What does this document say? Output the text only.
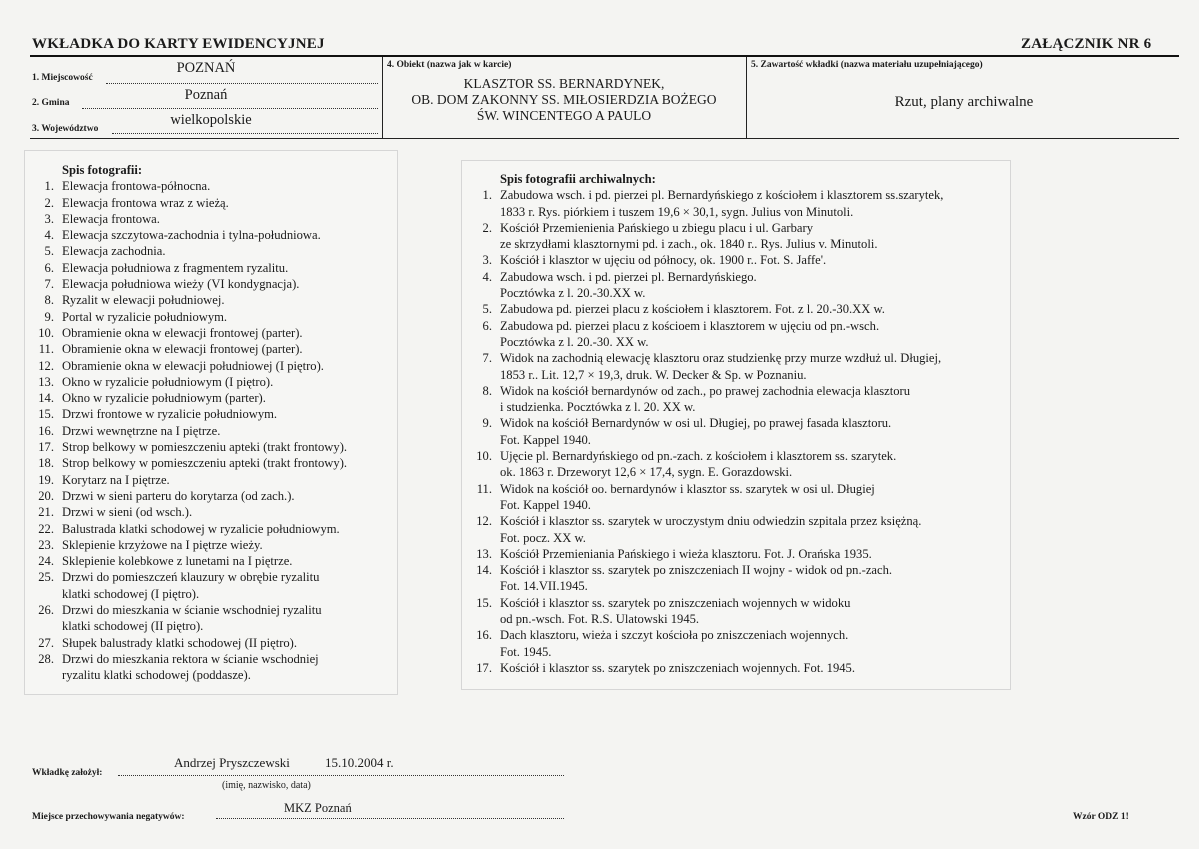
WKŁADKA DO KARTY EWIDENCYJNEJ	ZAŁĄCZNIK NR 6
1. Miejscowość
POZNAŃ
2. Gmina	Poznań
3. Województwo
wielkopolskie
4. Obiekt (nazwa jak w karcie)
KLASZTOR SS. BERNARDYNEK,
OB. DOM ZAKONNY SS. MIŁOSIERDZIA BOŻEGO
ŚW. WINCENTEGO A PAULO
5. Zawartość wkładki (nazwa materiału uzupełniającego)
Rzut, plany archiwalne
Spis fotografii:
1. Elewacja frontowa-północna.
2. Elewacja frontowa wraz z wieżą.
3. Elewacja frontowa.
4. Elewacja szczytowa-zachodnia i tylna-południowa.
5. Elewacja zachodnia.
6. Elewacja południowa z fragmentem ryzalitu.
7. Elewacja południowa wieży (VI kondygnacja).
8. Ryzalit w elewacji południowej.
9. Portal w ryzalicie południowym.
10. Obramienie okna w elewacji frontowej (parter).
11. Obramienie okna w elewacji frontowej (parter).
12. Obramienie okna w elewacji południowej (I piętro).
13. Okno w ryzalicie południowym (I piętro).
14. Okno w ryzalicie południowym (parter).
15. Drzwi frontowe w ryzalicie południowym.
16. Drzwi wewnętrzne na I piętrze.
17. Strop belkowy w pomieszczeniu apteki (trakt frontowy).
18. Strop belkowy w pomieszczeniu apteki (trakt frontowy).
19. Korytarz na I piętrze.
20. Drzwi w sieni parteru do korytarza (od zach.).
21. Drzwi w sieni (od wsch.).
22. Balustrada klatki schodowej w ryzalicie południowym.
23. Sklepienie krzyżowe na I piętrze wieży.
24. Sklepienie kolebkowe z lunetami na I piętrze.
25. Drzwi do pomieszczeń klauzury w obrębie ryzalitu
klatki schodowej (I piętro).
26. Drzwi do mieszkania w ścianie wschodniej ryzalitu
klatki schodowej (II piętro).
27. Słupek balustrady klatki schodowej (II piętro).
28. Drzwi do mieszkania rektora w ścianie wschodniej
ryzalitu klatki schodowej (poddasze).
Spis fotografii archiwalnych:
1. Zabudowa wsch. i pd. pierzei pl. Bernardyńskiego z kościołem i klasztorem ss.szarytek,
1833 r. Rys. piórkiem i tuszem 19,6 × 30,1, sygn. Julius von Minutoli.
2. Kościół Przemienienia Pańskiego u zbiegu placu i ul. Garbary
ze skrzydłami klasztornymi pd. i zach., ok. 1840 r.. Rys. Julius v. Minutoli.
3. Kościół i klasztor w ujęciu od północy, ok. 1900 r.. Fot. S. Jaffe'.
4. Zabudowa wsch. i pd. pierzei pl. Bernardyńskiego.
Pocztówka z l. 20.-30.XX w.
5. Zabudowa pd. pierzei placu z kościołem i klasztorem. Fot. z l. 20.-30.XX w.
6. Zabudowa pd. pierzei placu z kościoem i klasztorem w ujęciu od pn.-wsch.
Pocztówka z l. 20.-30. XX w.
7. Widok na zachodnią elewację klasztoru oraz studzienkę przy murze wzdłuż ul. Długiej,
1853 r.. Lit. 12,7 × 19,3, druk. W. Decker & Sp. w Poznaniu.
8. Widok na kościół bernardynów od zach., po prawej zachodnia elewacja klasztoru
i studzienka. Pocztówka z l. 20. XX w.
9. Widok na kościół Bernardynów w osi ul. Długiej, po prawej fasada klasztoru.
Fot. Kappel 1940.
10. Ujęcie pl. Bernardyńskiego od pn.-zach. z kościołem i klasztorem ss. szarytek.
ok. 1863 r. Drzeworyt 12,6 × 17,4, sygn. E. Gorazdowski.
11. Widok na kościół oo. bernardynów i klasztor ss. szarytek w osi ul. Długiej
Fot. Kappel 1940.
12. Kościół i klasztor ss. szarytek w uroczystym dniu odwiedzin szpitala przez księżną.
Fot. pocz. XX w.
13. Kościół Przemieniania Pańskiego i wieża klasztoru. Fot. J. Orańska 1935.
14. Kościół i klasztor ss. szarytek po zniszczeniach II wojny - widok od pn.-zach.
Fot. 14.VII.1945.
15. Kościół i klasztor ss. szarytek po zniszczeniach wojennych w widoku
od pn.-wsch. Fot. R.S. Ulatowski 1945.
16. Dach klasztoru, wieża i szczyt kościoła po zniszczeniach wojennych.
Fot. 1945.
17. Kościół i klasztor ss. szarytek po zniszczeniach wojennych. Fot. 1945.
Andrzej Pryszczewski	15.10.2004 r.
Wkładkę założył:
(imię, nazwisko, data)
MKZ Poznań
Miejsce przechowywania negatywów:	Wzór ODZ 1!
